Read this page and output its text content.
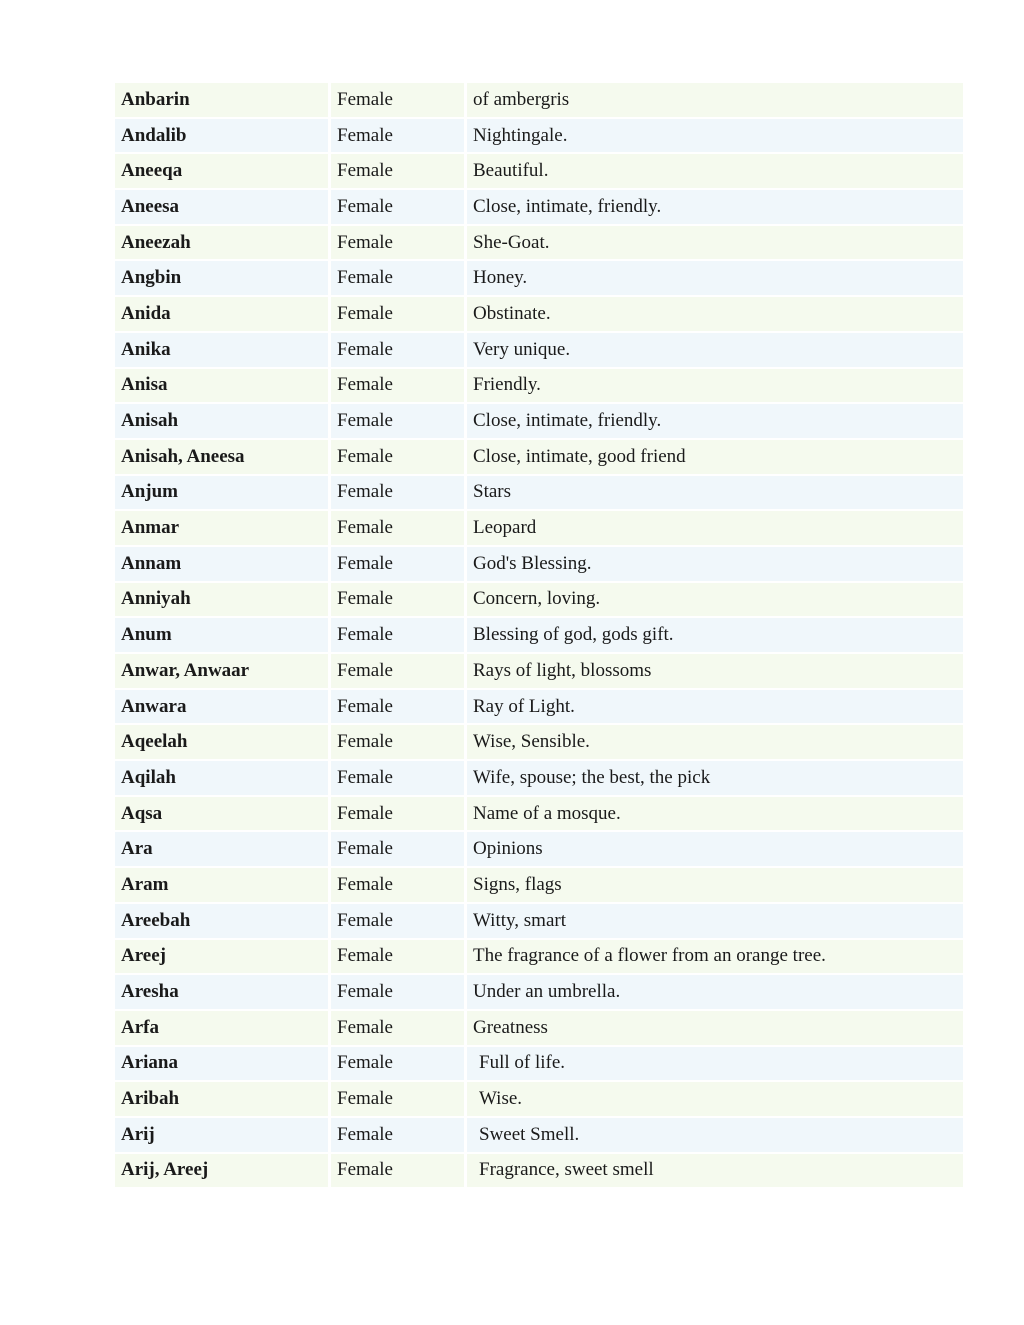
Anbarin	Female	of ambergris
Andalib	Female	Nightingale.
Aneeqa	Female	Beautiful.
Aneesa	Female	Close, intimate, friendly.
Aneezah	Female	She-Goat.
Angbin	Female	Honey.
Anida	Female	Obstinate.
Anika	Female	Very unique.
Anisa	Female	Friendly.
Anisah	Female	Close, intimate, friendly.
Anisah, Aneesa	Female	Close, intimate, good friend
Anjum	Female	Stars
Anmar	Female	Leopard
Annam	Female	God's Blessing.
Anniyah	Female	Concern, loving.
Anum	Female	Blessing of god, gods gift.
Anwar, Anwaar	Female	Rays of light, blossoms
Anwara	Female	Ray of Light.
Aqeelah	Female	Wise, Sensible.
Aqilah	Female	Wife, spouse; the best, the pick
Aqsa	Female	Name of a mosque.
Ara	Female	Opinions
Aram	Female	Signs, flags
Areebah	Female	Witty, smart
Areej	Female	The fragrance of a flower from an orange tree.
Aresha	Female	Under an umbrella.
Arfa	Female	Greatness
Ariana	Female	Full of life.
Aribah	Female	Wise.
Arij	Female	Sweet Smell.
Arij, Areej	Female	Fragrance, sweet smell
